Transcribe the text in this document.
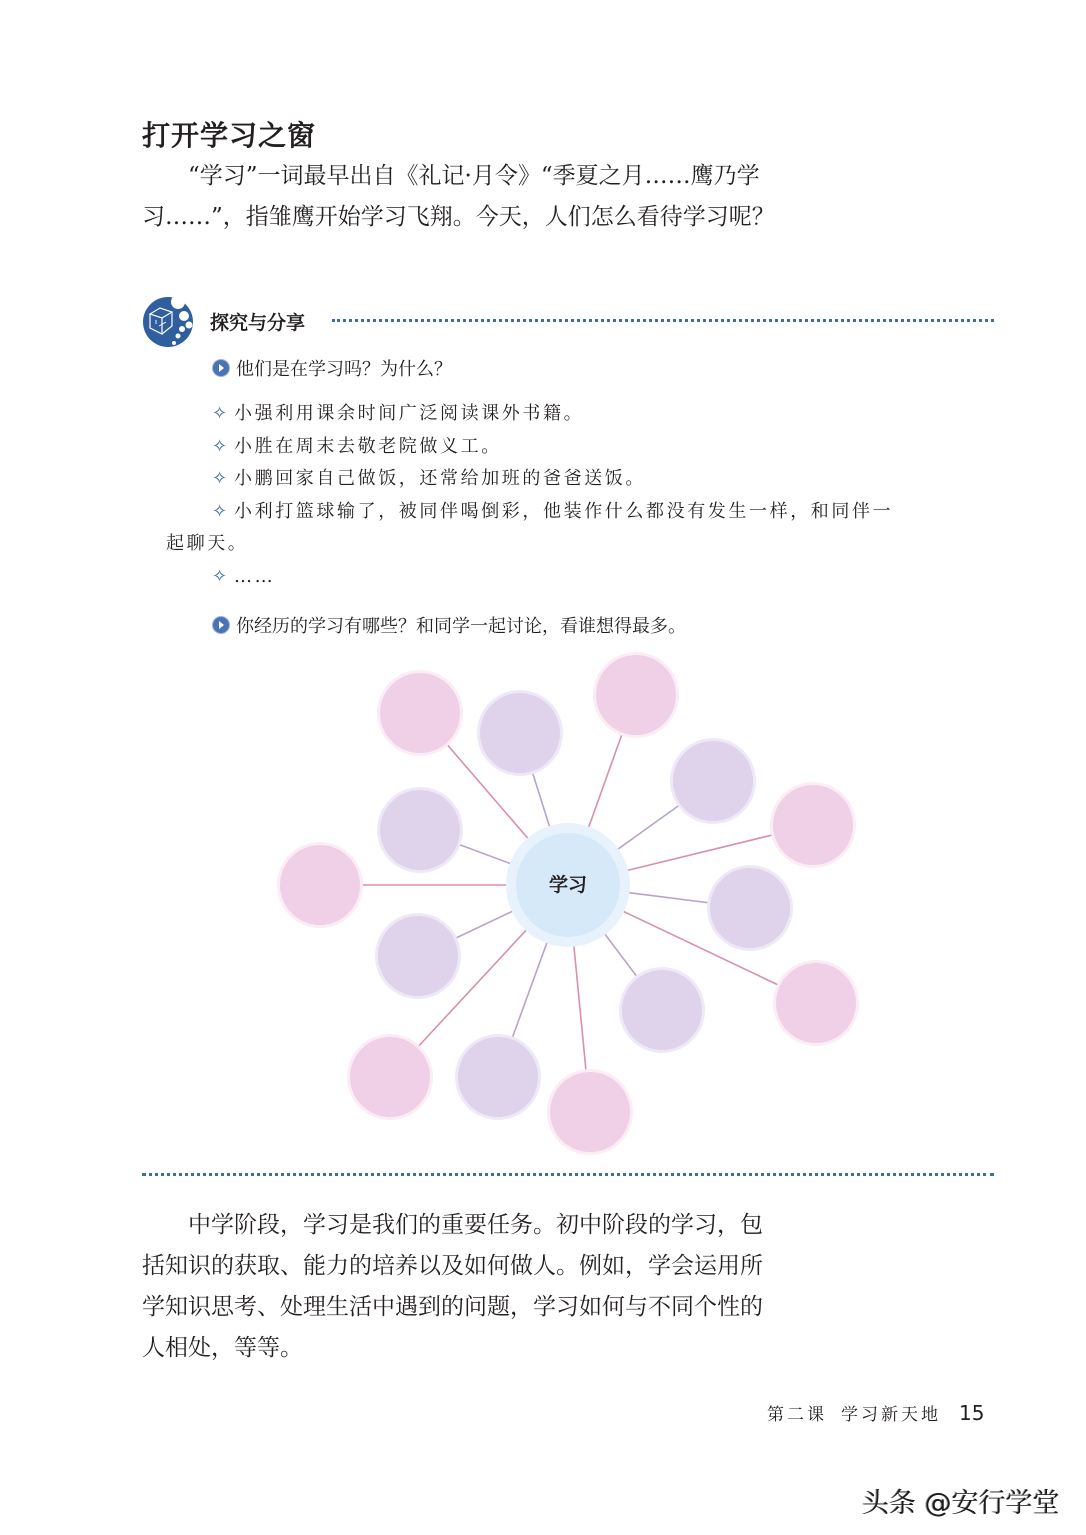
打开学习之窗
“学习”一词最早出自《礼记·月令》“季夏之月……鹰乃学习……”，指雏鹰开始学习飞翔。今天，人们怎么看待学习呢？
探究与分享
他们是在学习吗？为什么？
✧ 小强利用课余时间广泛阅读课外书籍。
✧ 小胜在周末去敬老院做义工。
✧ 小鹏回家自己做饭，还常给加班的爸爸送饭。
✧ 小利打篮球输了，被同伴喝倒彩，他装作什么都没有发生一样，和同伴一
起聊天。
✧ ……
你经历的学习有哪些？和同学一起讨论，看谁想得最多。
学习
中学阶段，学习是我们的重要任务。初中阶段的学习，包括知识的获取、能力的培养以及如何做人。例如，学会运用所学知识思考、处理生活中遇到的问题，学习如何与不同个性的人相处，等等。
第二课 学习新天地 15
头条 @安行学堂
